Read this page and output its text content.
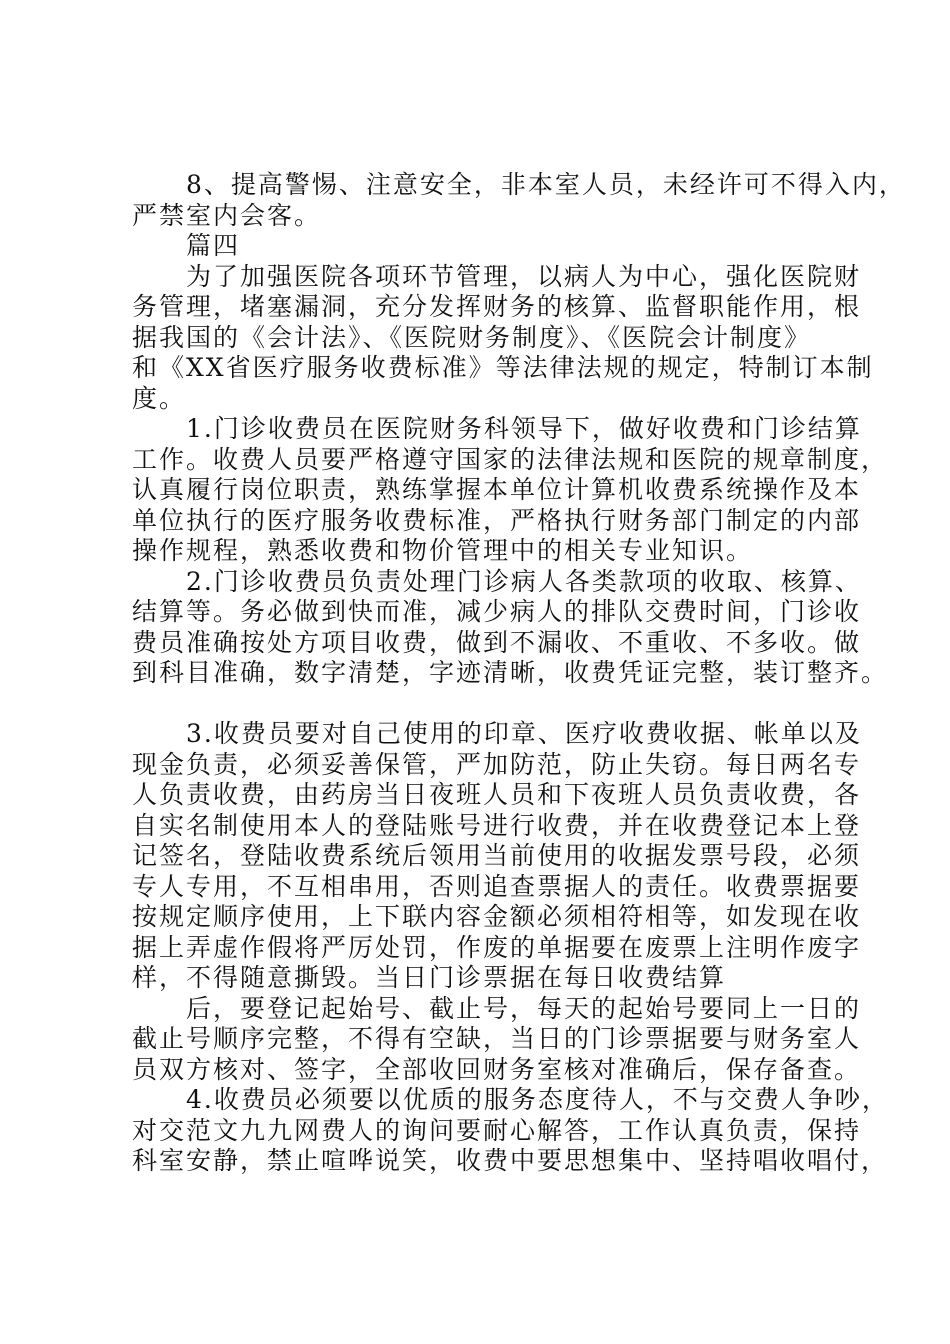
　　8、提高警惕、注意安全，非本室人员，未经许可不得入内，
严禁室内会客。
　　篇四
　　为了加强医院各项环节管理，以病人为中心，强化医院财
务管理，堵塞漏洞，充分发挥财务的核算、监督职能作用，根
据我国的《会计法》、《医院财务制度》、《医院会计制度》
和《XX省医疗服务收费标准》等法律法规的规定，特制订本制
度。
　　1.门诊收费员在医院财务科领导下，做好收费和门诊结算
工作。收费人员要严格遵守国家的法律法规和医院的规章制度，
认真履行岗位职责，熟练掌握本单位计算机收费系统操作及本
单位执行的医疗服务收费标准，严格执行财务部门制定的内部
操作规程，熟悉收费和物价管理中的相关专业知识。
　　2.门诊收费员负责处理门诊病人各类款项的收取、核算、
结算等。务必做到快而准，减少病人的排队交费时间，门诊收
费员准确按处方项目收费，做到不漏收、不重收、不多收。做
到科目准确，数字清楚，字迹清晰，收费凭证完整，装订整齐。
　　3.收费员要对自己使用的印章、医疗收费收据、帐单以及
现金负责，必须妥善保管，严加防范，防止失窃。每日两名专
人负责收费，由药房当日夜班人员和下夜班人员负责收费，各
自实名制使用本人的登陆账号进行收费，并在收费登记本上登
记签名，登陆收费系统后领用当前使用的收据发票号段，必须
专人专用，不互相串用，否则追查票据人的责任。收费票据要
按规定顺序使用，上下联内容金额必须相符相等，如发现在收
据上弄虚作假将严厉处罚，作废的单据要在废票上注明作废字
样，不得随意撕毁。当日门诊票据在每日收费结算
　　后，要登记起始号、截止号，每天的起始号要同上一日的
截止号顺序完整，不得有空缺，当日的门诊票据要与财务室人
员双方核对、签字，全部收回财务室核对准确后，保存备查。
　　4.收费员必须要以优质的服务态度待人，不与交费人争吵，
对交范文九九网费人的询问要耐心解答，工作认真负责，保持
科室安静，禁止喧哗说笑，收费中要思想集中、坚持唱收唱付，
